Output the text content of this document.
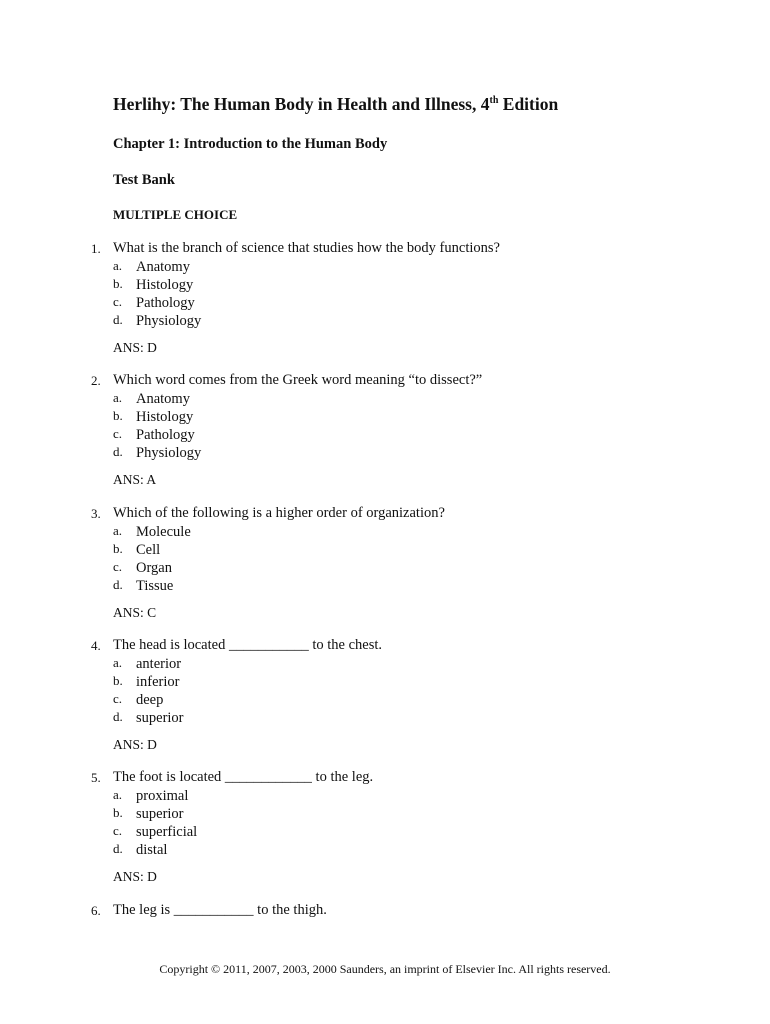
Herlihy: The Human Body in Health and Illness, 4th Edition
Chapter 1: Introduction to the Human Body
Test Bank
MULTIPLE CHOICE
1. What is the branch of science that studies how the body functions?
a. Anatomy
b. Histology
c. Pathology
d. Physiology
ANS: D
2. Which word comes from the Greek word meaning “to dissect?”
a. Anatomy
b. Histology
c. Pathology
d. Physiology
ANS: A
3. Which of the following is a higher order of organization?
a. Molecule
b. Cell
c. Organ
d. Tissue
ANS: C
4. The head is located ___________ to the chest.
a. anterior
b. inferior
c. deep
d. superior
ANS: D
5. The foot is located ____________ to the leg.
a. proximal
b. superior
c. superficial
d. distal
ANS: D
6. The leg is ___________ to the thigh.
Copyright © 2011, 2007, 2003, 2000 Saunders, an imprint of Elsevier Inc. All rights reserved.
